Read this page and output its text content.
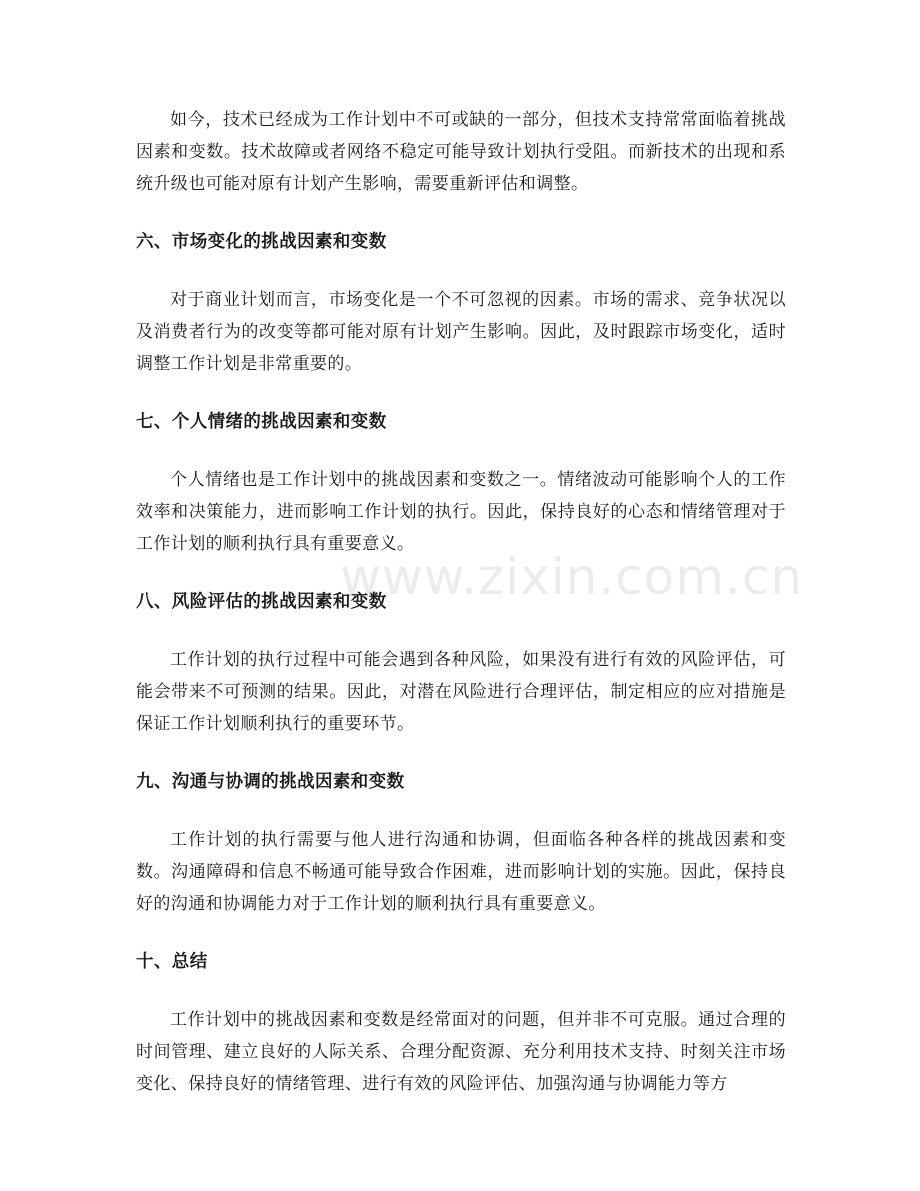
如今，技术已经成为工作计划中不可或缺的一部分，但技术支持常常面临着挑战因素和变数。技术故障或者网络不稳定可能导致计划执行受阻。而新技术的出现和系统升级也可能对原有计划产生影响，需要重新评估和调整。

六、市场变化的挑战因素和变数

对于商业计划而言，市场变化是一个不可忽视的因素。市场的需求、竞争状况以及消费者行为的改变等都可能对原有计划产生影响。因此，及时跟踪市场变化，适时调整工作计划是非常重要的。

七、个人情绪的挑战因素和变数

个人情绪也是工作计划中的挑战因素和变数之一。情绪波动可能影响个人的工作效率和决策能力，进而影响工作计划的执行。因此，保持良好的心态和情绪管理对于工作计划的顺利执行具有重要意义。

八、风险评估的挑战因素和变数

工作计划的执行过程中可能会遇到各种风险，如果没有进行有效的风险评估，可能会带来不可预测的结果。因此，对潜在风险进行合理评估，制定相应的应对措施是保证工作计划顺利执行的重要环节。

九、沟通与协调的挑战因素和变数

工作计划的执行需要与他人进行沟通和协调，但面临各种各样的挑战因素和变数。沟通障碍和信息不畅通可能导致合作困难，进而影响计划的实施。因此，保持良好的沟通和协调能力对于工作计划的顺利执行具有重要意义。

十、总结

工作计划中的挑战因素和变数是经常面对的问题，但并非不可克服。通过合理的时间管理、建立良好的人际关系、合理分配资源、充分利用技术支持、时刻关注市场变化、保持良好的情绪管理、进行有效的风险评估、加强沟通与协调能力等方

www.zixin.com.cn
